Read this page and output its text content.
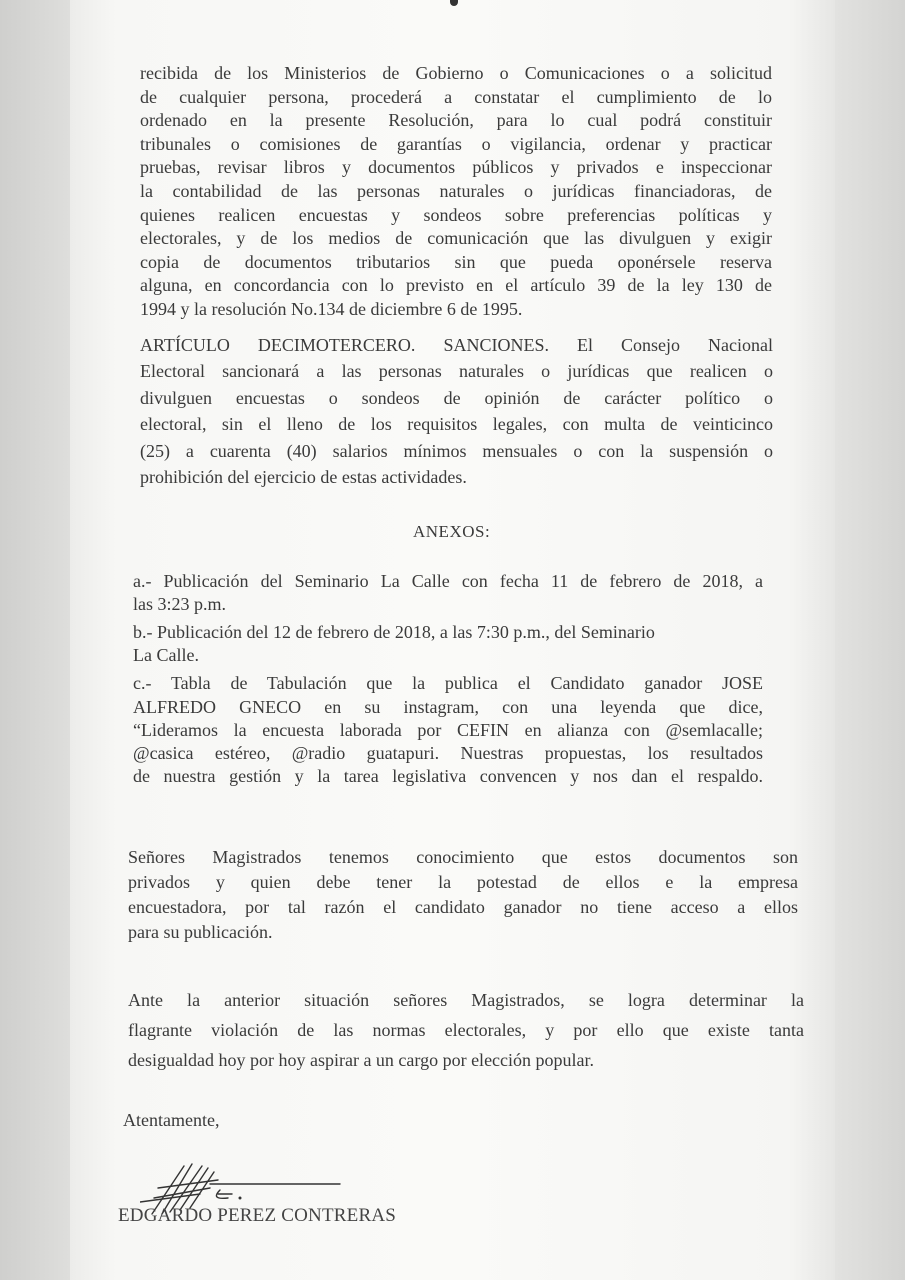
recibida de los Ministerios de Gobierno o Comunicaciones o a solicitud
de cualquier persona, procederá a constatar el cumplimiento de lo
ordenado en la presente Resolución, para lo cual podrá constituir
tribunales o comisiones de garantías o vigilancia, ordenar y practicar
pruebas, revisar libros y documentos públicos y privados e inspeccionar
la contabilidad de las personas naturales o jurídicas financiadoras, de
quienes realicen encuestas y sondeos sobre preferencias políticas y
electorales, y de los medios de comunicación que las divulguen y exigir
copia de documentos tributarios sin que pueda oponérsele reserva
alguna, en concordancia con lo previsto en el artículo 39 de la ley 130 de
1994 y la resolución No.134 de diciembre 6 de 1995.
ARTÍCULO DECIMOTERCERO. SANCIONES. El Consejo Nacional
Electoral sancionará a las personas naturales o jurídicas que realicen o
divulguen encuestas o sondeos de opinión de carácter político o
electoral, sin el lleno de los requisitos legales, con multa de veinticinco
(25) a cuarenta (40) salarios mínimos mensuales o con la suspensión o
prohibición del ejercicio de estas actividades.
ANEXOS:
a.- Publicación del Seminario La Calle con fecha 11 de febrero de 2018, a
las 3:23 p.m.
b.- Publicación del 12 de febrero de 2018, a las 7:30 p.m., del Seminario
La Calle.
c.- Tabla de Tabulación que la publica el Candidato ganador JOSE
ALFREDO GNECO en su instagram, con una leyenda que dice,
“Lideramos la encuesta laborada por CEFIN en alianza con @semlacalle;
@casica estéreo, @radio guatapuri. Nuestras propuestas, los resultados
de nuestra gestión y la tarea legislativa convencen y nos dan el respaldo.
Señores Magistrados tenemos conocimiento que estos documentos son
privados y quien debe tener la potestad de ellos e la empresa
encuestadora, por tal razón el candidato ganador no tiene acceso a ellos
para su publicación.
Ante la anterior situación señores Magistrados, se logra determinar la
flagrante violación de las normas electorales, y por ello que existe tanta
desigualdad hoy por hoy aspirar a un cargo por elección popular.
Atentamente,
EDGARDO PEREZ CONTRERAS
